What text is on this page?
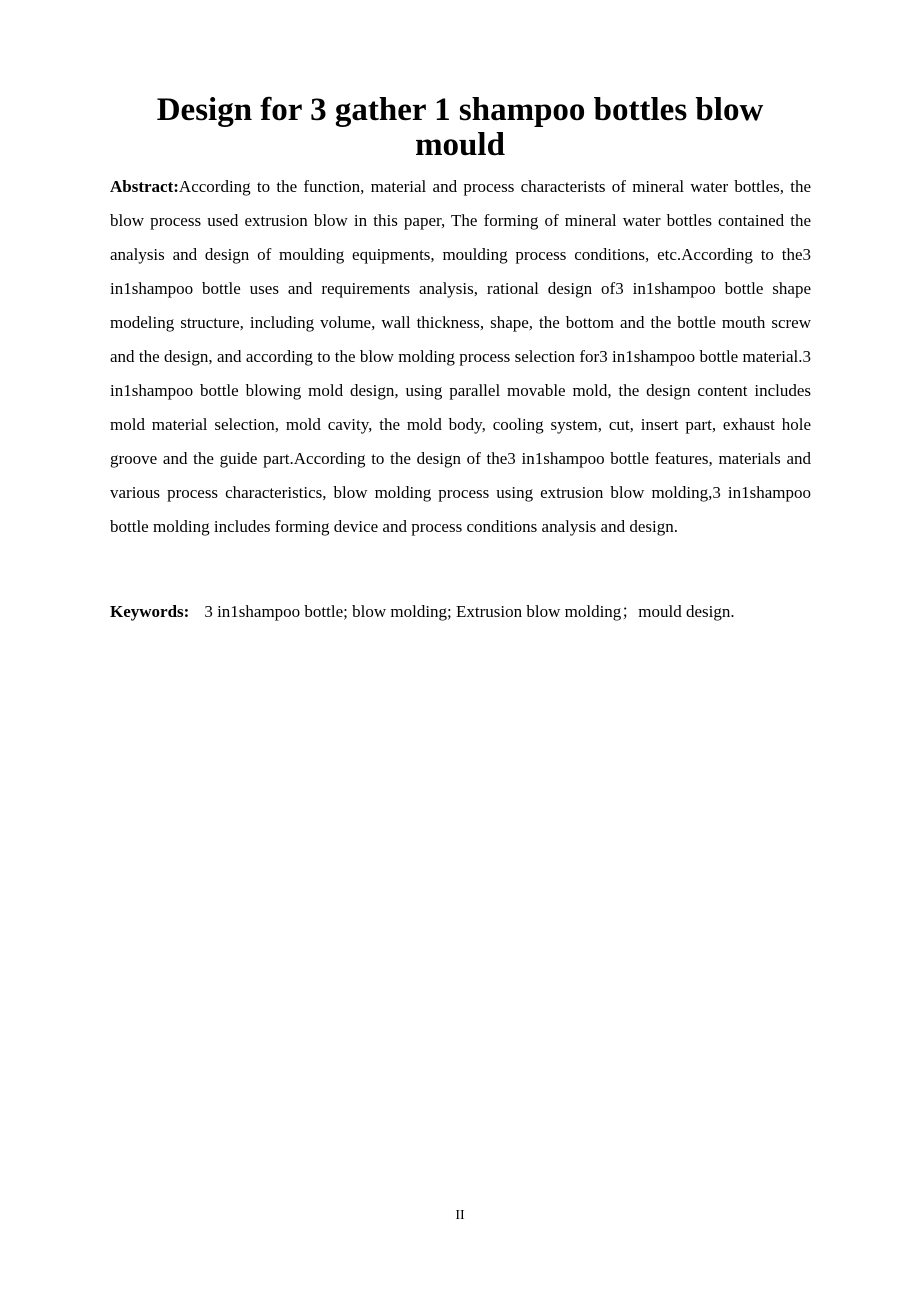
Design for 3 gather 1 shampoo bottles blow mould

Abstract:According to the function, material and process characterists of mineral water bottles, the blow process used extrusion blow in this paper, The forming of mineral water bottles contained the analysis and design of moulding equipments, moulding process conditions, etc.According to the3 in1shampoo bottle uses and requirements analysis, rational design of3 in1shampoo bottle shape modeling structure, including volume, wall thickness, shape, the bottom and the bottle mouth screw and the design, and according to the blow molding process selection for3 in1shampoo bottle material.3 in1shampoo bottle blowing mold design, using parallel movable mold, the design content includes mold material selection, mold cavity, the mold body, cooling system, cut, insert part, exhaust hole groove and the guide part.According to the design of the3 in1shampoo bottle features, materials and various process characteristics, blow molding process using extrusion blow molding,3 in1shampoo bottle molding includes forming device and process conditions analysis and design.

Keywords: 3 in1shampoo bottle; blow molding; Extrusion blow molding；mould design.

II
